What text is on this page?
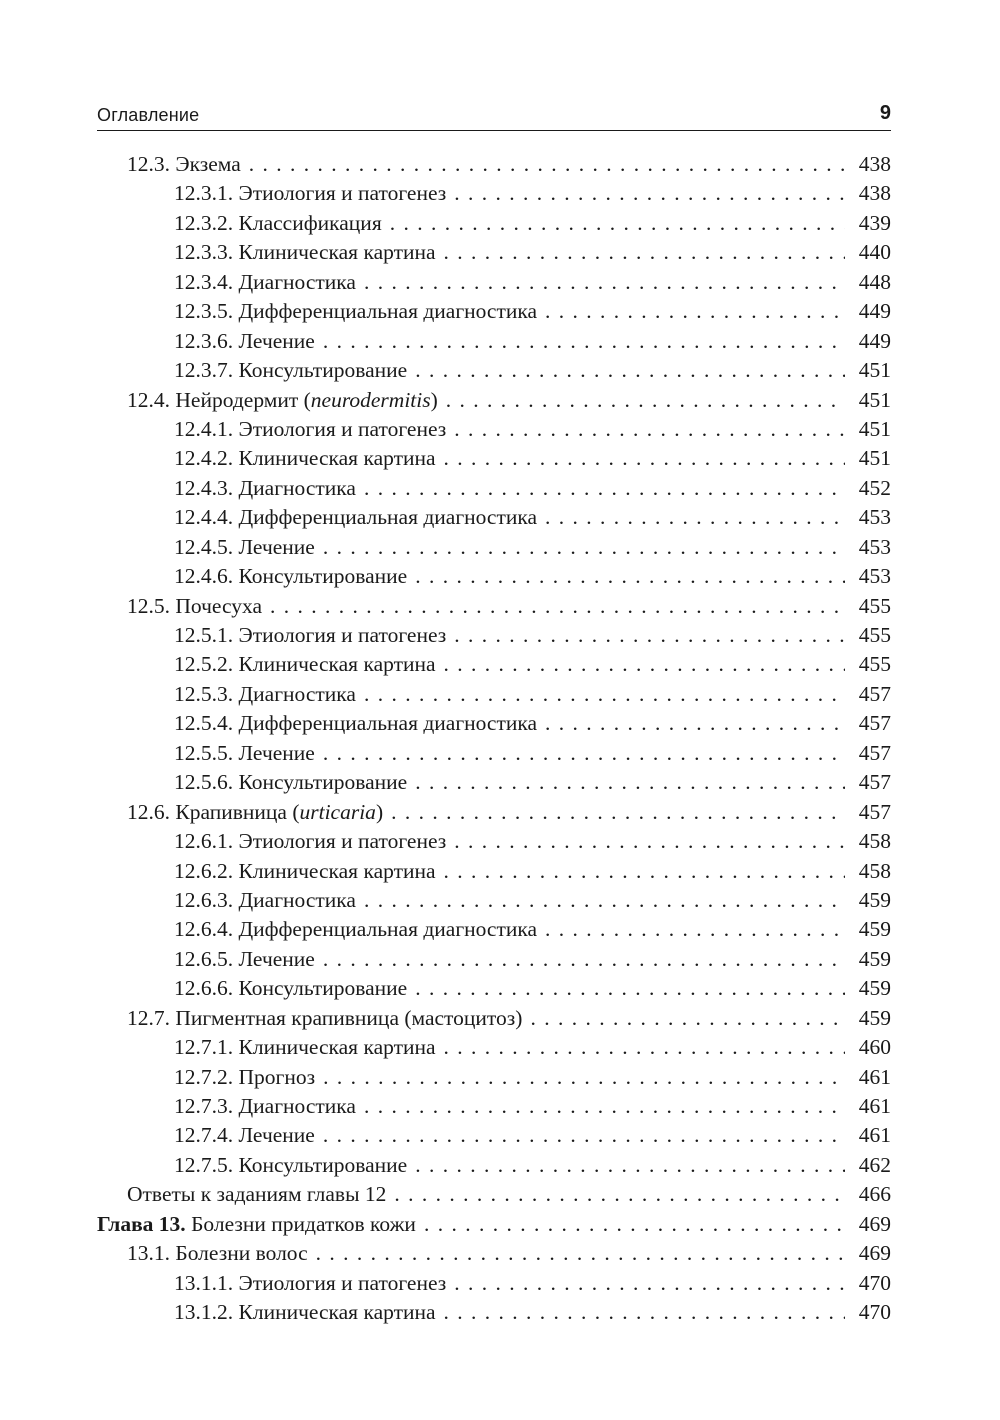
Оглавление	9
12.3. Экзема . . .	438
12.3.1. Этиология и патогенез . . .	438
12.3.2. Классификация . . .	439
12.3.3. Клиническая картина . . .	440
12.3.4. Диагностика . . .	448
12.3.5. Дифференциальная диагностика . . .	449
12.3.6. Лечение . . .	449
12.3.7. Консультирование . . .	451
12.4. Нейродермит (neurodermitis) . . .	451
12.4.1. Этиология и патогенез . . .	451
12.4.2. Клиническая картина . . .	451
12.4.3. Диагностика . . .	452
12.4.4. Дифференциальная диагностика . . .	453
12.4.5. Лечение . . .	453
12.4.6. Консультирование . . .	453
12.5. Почесуха . . .	455
12.5.1. Этиология и патогенез . . .	455
12.5.2. Клиническая картина . . .	455
12.5.3. Диагностика . . .	457
12.5.4. Дифференциальная диагностика . . .	457
12.5.5. Лечение . . .	457
12.5.6. Консультирование . . .	457
12.6. Крапивница (urticaria) . . .	457
12.6.1. Этиология и патогенез . . .	458
12.6.2. Клиническая картина . . .	458
12.6.3. Диагностика . . .	459
12.6.4. Дифференциальная диагностика . . .	459
12.6.5. Лечение . . .	459
12.6.6. Консультирование . . .	459
12.7. Пигментная крапивница (мастоцитоз) . . .	459
12.7.1. Клиническая картина . . .	460
12.7.2. Прогноз . . .	461
12.7.3. Диагностика . . .	461
12.7.4. Лечение . . .	461
12.7.5. Консультирование . . .	462
Ответы к заданиям главы 12 . . .	466
Глава 13. Болезни придатков кожи . . .	469
13.1. Болезни волос . . .	469
13.1.1. Этиология и патогенез . . .	470
13.1.2. Клиническая картина . . .	470
